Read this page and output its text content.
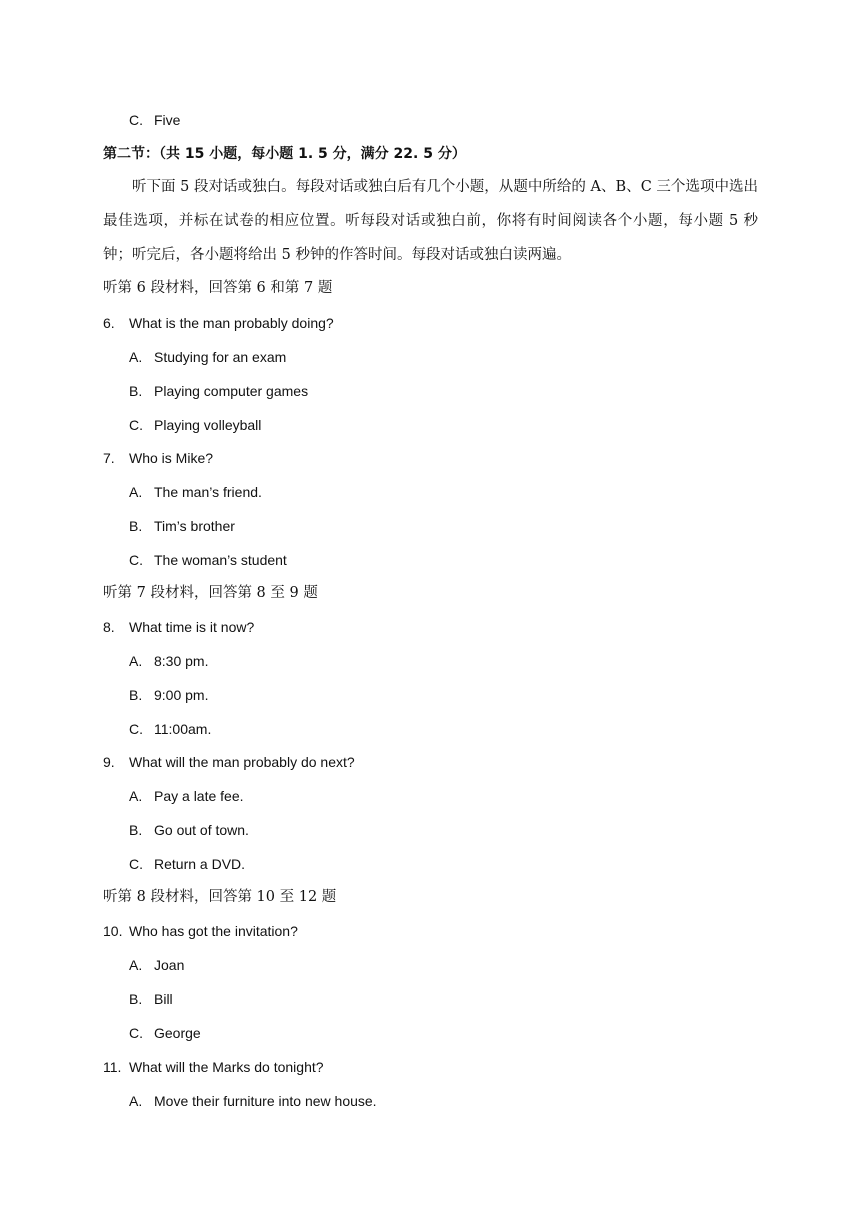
C. Five
第二节：（共 15 小题，每小题 1. 5 分，满分 22. 5 分）
听下面 5 段对话或独白。每段对话或独白后有几个小题，从题中所给的 A、B、C 三个选项中选出最佳选项，并标在试卷的相应位置。听每段对话或独白前，你将有时间阅读各个小题，每小题 5 秒钟；听完后，各小题将给出 5 秒钟的作答时间。每段对话或独白读两遍。
听第 6 段材料，回答第 6 和第 7 题
6. What is the man probably doing?
A. Studying for an exam
B. Playing computer games
C. Playing volleyball
7. Who is Mike?
A. The man’s friend.
B. Tim’s brother
C. The woman’s student
听第 7 段材料，回答第 8 至 9 题
8. What time is it now?
A. 8:30 pm.
B. 9:00 pm.
C. 11:00am.
9. What will the man probably do next?
A. Pay a late fee.
B. Go out of town.
C. Return a DVD.
听第 8 段材料，回答第 10 至 12 题
10. Who has got the invitation?
A. Joan
B. Bill
C. George
11. What will the Marks do tonight?
A. Move their furniture into new house.
